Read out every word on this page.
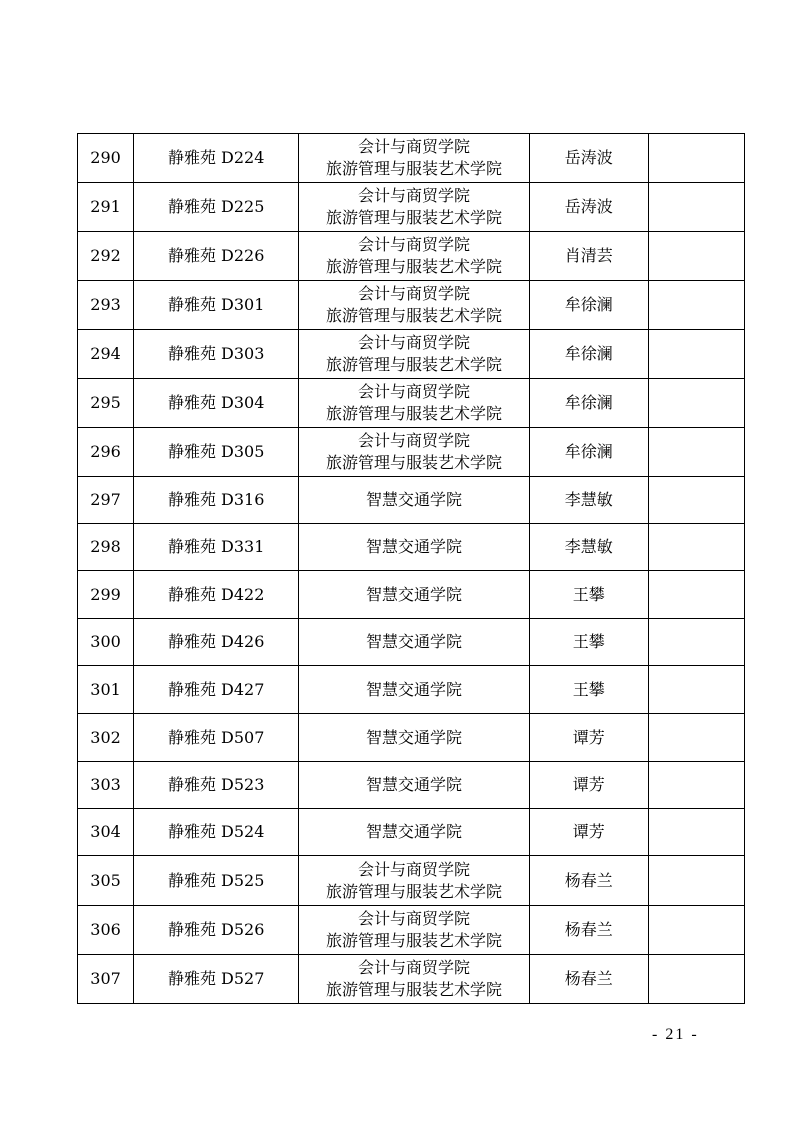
290	静雅苑 D224	会计与商贸学院
旅游管理与服装艺术学院	岳涛波	
291	静雅苑 D225	会计与商贸学院
旅游管理与服装艺术学院	岳涛波	
292	静雅苑 D226	会计与商贸学院
旅游管理与服装艺术学院	肖清芸	
293	静雅苑 D301	会计与商贸学院
旅游管理与服装艺术学院	牟徐澜	
294	静雅苑 D303	会计与商贸学院
旅游管理与服装艺术学院	牟徐澜	
295	静雅苑 D304	会计与商贸学院
旅游管理与服装艺术学院	牟徐澜	
296	静雅苑 D305	会计与商贸学院
旅游管理与服装艺术学院	牟徐澜	
297	静雅苑 D316	智慧交通学院	李慧敏	
298	静雅苑 D331	智慧交通学院	李慧敏	
299	静雅苑 D422	智慧交通学院	王攀	
300	静雅苑 D426	智慧交通学院	王攀	
301	静雅苑 D427	智慧交通学院	王攀	
302	静雅苑 D507	智慧交通学院	谭芳	
303	静雅苑 D523	智慧交通学院	谭芳	
304	静雅苑 D524	智慧交通学院	谭芳	
305	静雅苑 D525	会计与商贸学院
旅游管理与服装艺术学院	杨春兰	
306	静雅苑 D526	会计与商贸学院
旅游管理与服装艺术学院	杨春兰	
307	静雅苑 D527	会计与商贸学院
旅游管理与服装艺术学院	杨春兰	
- 21 -
